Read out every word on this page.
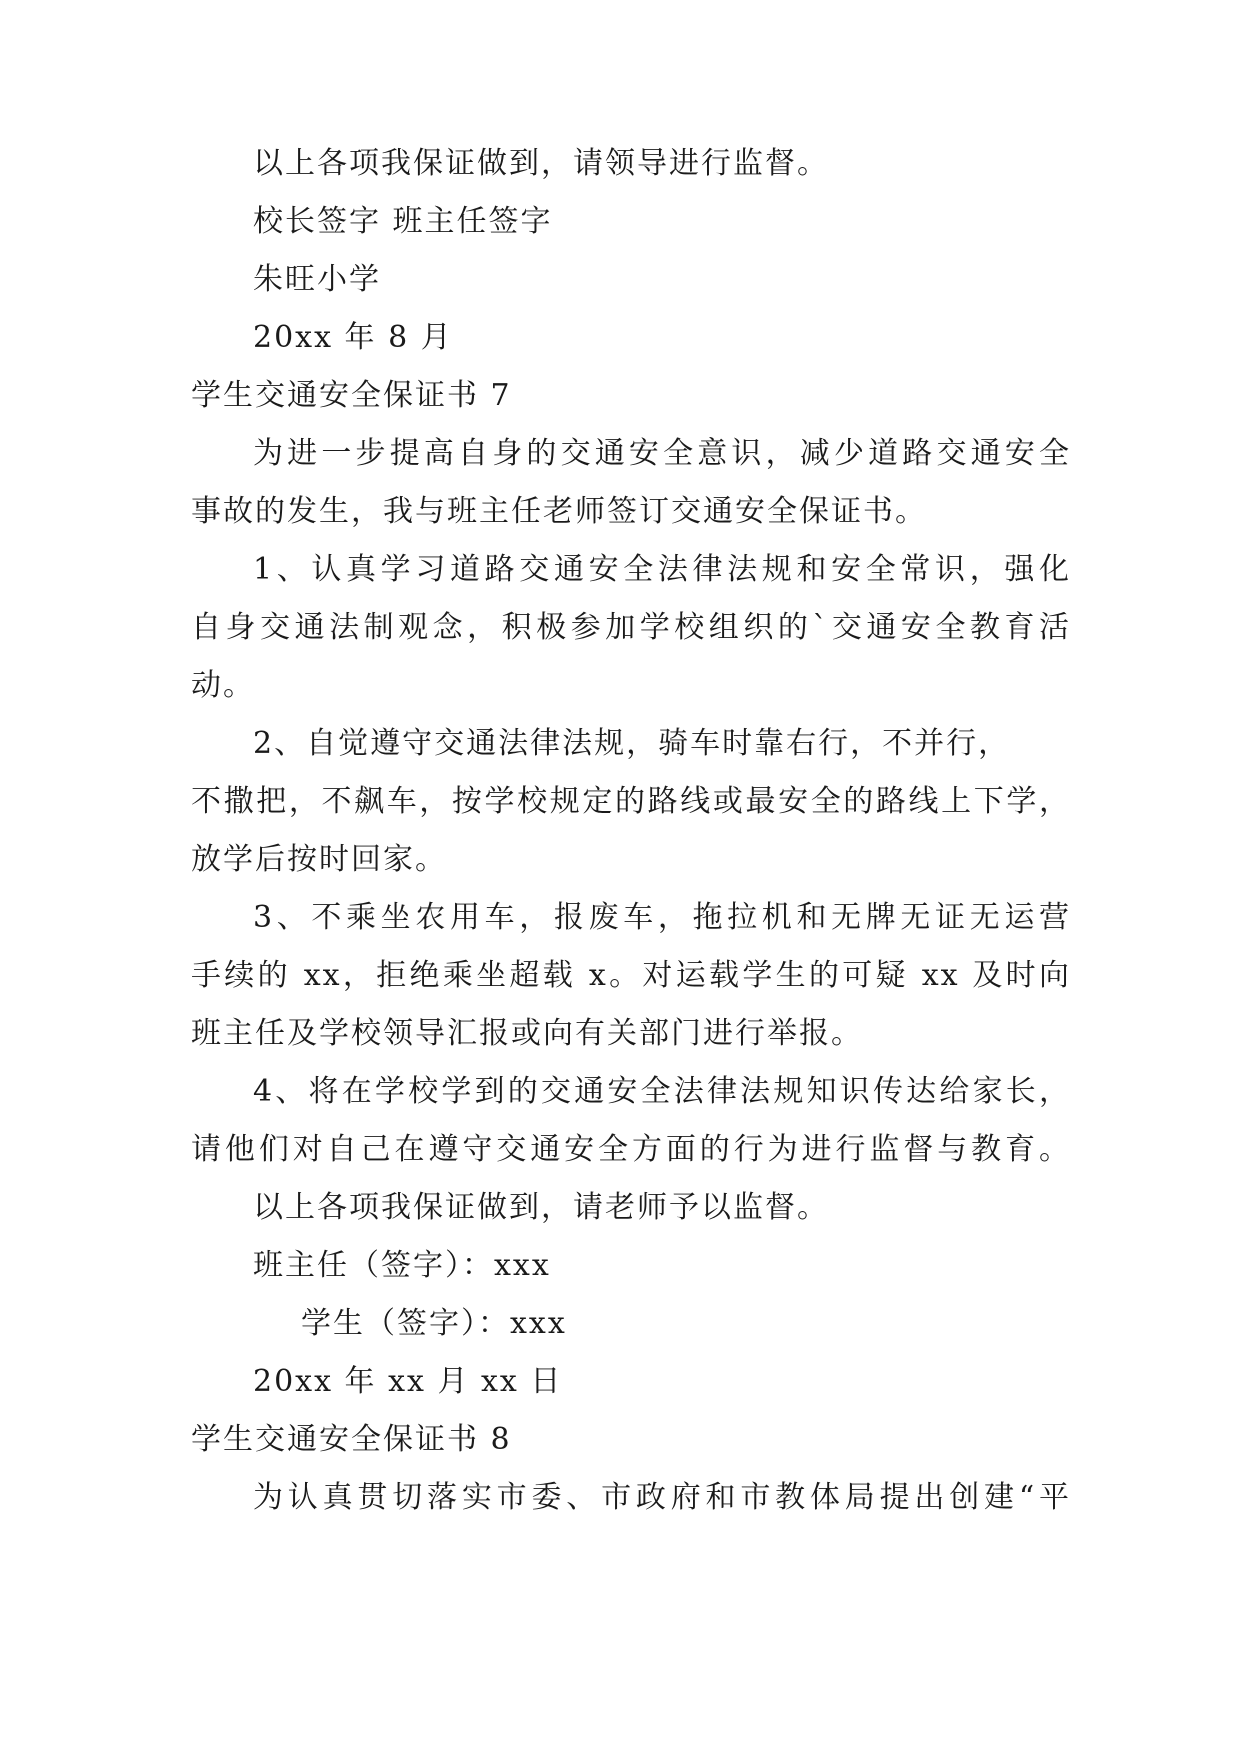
以上各项我保证做到，请领导进行监督。
校长签字 班主任签字
朱旺小学
20xx 年 8 月
学生交通安全保证书 7
为进一步提高自身的交通安全意识，减少道路交通安全
事故的发生，我与班主任老师签订交通安全保证书。
1、认真学习道路交通安全法律法规和安全常识，强化
自身交通法制观念，积极参加学校组织的`交通安全教育活
动。
2、自觉遵守交通法律法规，骑车时靠右行，不并行，
不撒把，不飙车，按学校规定的路线或最安全的路线上下学，
放学后按时回家。
3、不乘坐农用车，报废车，拖拉机和无牌无证无运营
手续的 xx，拒绝乘坐超载 x。对运载学生的可疑 xx 及时向
班主任及学校领导汇报或向有关部门进行举报。
4、将在学校学到的交通安全法律法规知识传达给家长，
请他们对自己在遵守交通安全方面的行为进行监督与教育。
以上各项我保证做到，请老师予以监督。
班主任（签字）：xxx
学生（签字）：xxx
20xx 年 xx 月 xx 日
学生交通安全保证书 8
为认真贯切落实市委、市政府和市教体局提出创建“平
